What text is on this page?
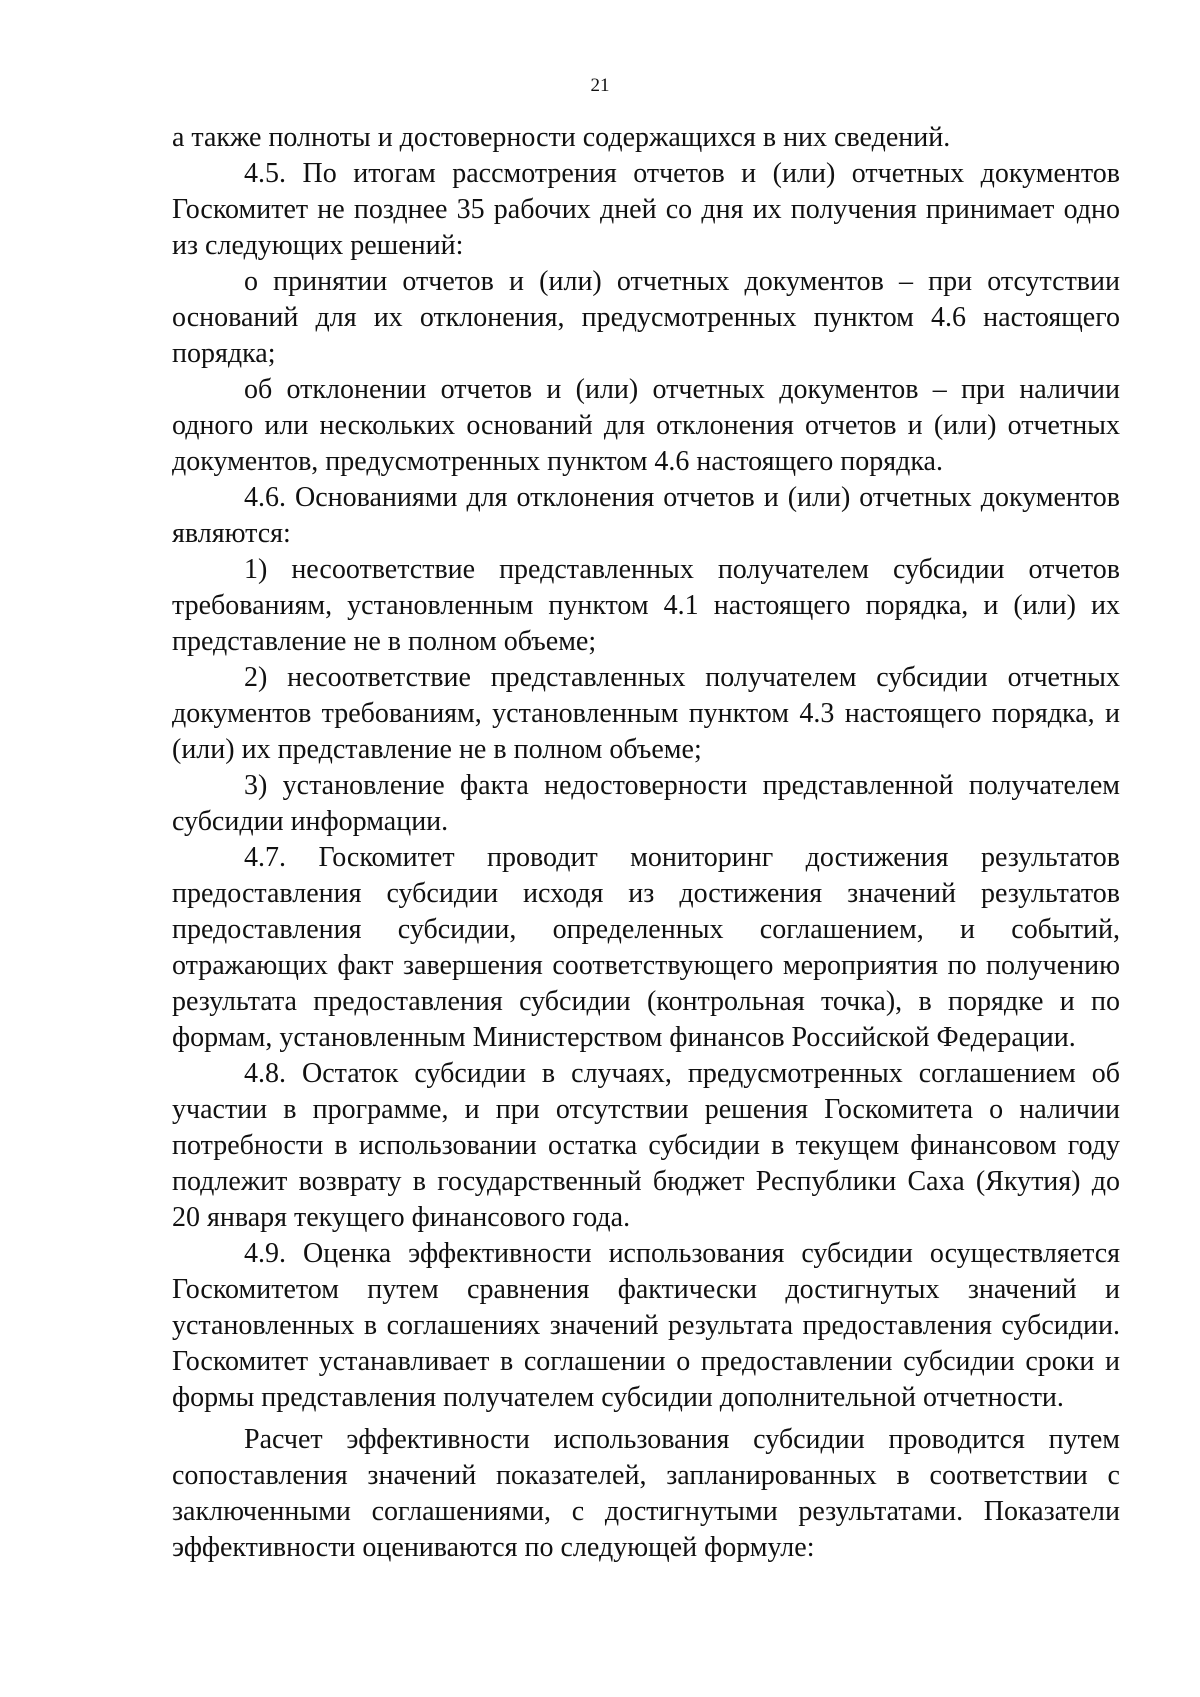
21

а также полноты и достоверности содержащихся в них сведений.

4.5. По итогам рассмотрения отчетов и (или) отчетных документов Госкомитет не позднее 35 рабочих дней со дня их получения принимает одно из следующих решений:

о принятии отчетов и (или) отчетных документов – при отсутствии оснований для их отклонения, предусмотренных пунктом 4.6 настоящего порядка;

об отклонении отчетов и (или) отчетных документов – при наличии одного или нескольких оснований для отклонения отчетов и (или) отчетных документов, предусмотренных пунктом 4.6 настоящего порядка.

4.6. Основаниями для отклонения отчетов и (или) отчетных документов являются:

1) несоответствие представленных получателем субсидии отчетов требованиям, установленным пунктом 4.1 настоящего порядка, и (или) их представление не в полном объеме;

2) несоответствие представленных получателем субсидии отчетных документов требованиям, установленным пунктом 4.3 настоящего порядка, и (или) их представление не в полном объеме;

3) установление факта недостоверности представленной получателем субсидии информации.

4.7. Госкомитет проводит мониторинг достижения результатов предоставления субсидии исходя из достижения значений результатов предоставления субсидии, определенных соглашением, и событий, отражающих факт завершения соответствующего мероприятия по получению результата предоставления субсидии (контрольная точка), в порядке и по формам, установленным Министерством финансов Российской Федерации.

4.8. Остаток субсидии в случаях, предусмотренных соглашением об участии в программе, и при отсутствии решения Госкомитета о наличии потребности в использовании остатка субсидии в текущем финансовом году подлежит возврату в государственный бюджет Республики Саха (Якутия) до 20 января текущего финансового года.

4.9. Оценка эффективности использования субсидии осуществляется Госкомитетом путем сравнения фактически достигнутых значений и установленных в соглашениях значений результата предоставления субсидии. Госкомитет устанавливает в соглашении о предоставлении субсидии сроки и формы представления получателем субсидии дополнительной отчетности.

Расчет эффективности использования субсидии проводится путем сопоставления значений показателей, запланированных в соответствии с заключенными соглашениями, с достигнутыми результатами. Показатели эффективности оцениваются по следующей формуле:
